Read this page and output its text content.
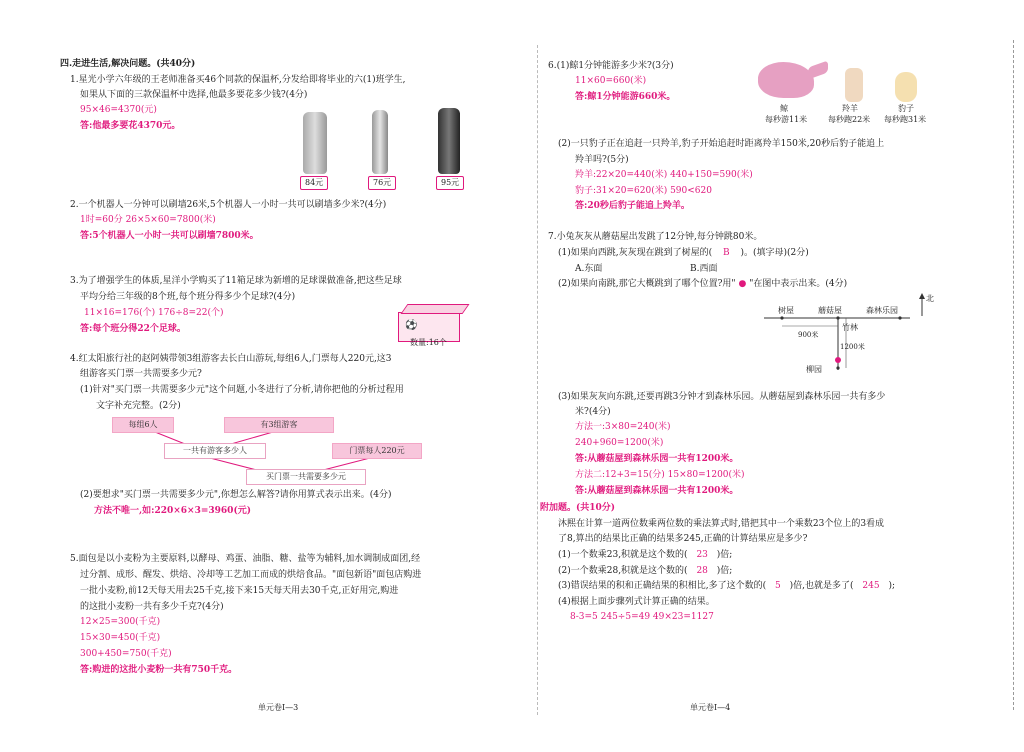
四.走进生活,解决问题。(共40分)
1.星光小学六年级的王老师准备买46个同款的保温杯,分发给即将毕业的六(1)班学生,
如果从下面的三款保温杯中选择,他最多要花多少钱?(4分)
95×46=4370(元)
答:他最多要花4370元。
84元	76元	95元
2.一个机器人一分钟可以刷墙26米,5个机器人一小时一共可以刷墙多少米?(4分)
1时=60分 26×5×60=7800(米)
答:5个机器人一小时一共可以刷墙7800米。
3.为了增强学生的体质,星洋小学购买了11箱足球为新增的足球课做准备,把这些足球
平均分给三年级的8个班,每个班分得多少个足球?(4分)
11×16=176(个) 176÷8=22(个)
答:每个班分得22个足球。	⚽
数量:16个
4.红太阳旅行社的赵阿姨带领3组游客去长白山游玩,每组6人,门票每人220元,这3
组游客买门票一共需要多少元?
(1)针对"买门票一共需要多少元"这个问题,小冬进行了分析,请你把他的分析过程用
文字补充完整。(2分)
每组6人	有3组游客
一共有游客多少人	门票每人220元
买门票一共需要多少元
(2)要想求"买门票一共需要多少元",你想怎么解答?请你用算式表示出来。(4分)
方法不唯一,如:220×6×3=3960(元)
5.面包是以小麦粉为主要原料,以酵母、鸡蛋、油脂、糖、盐等为辅料,加水调制成面团,经
过分割、成形、醒发、烘焙、冷却等工艺加工而成的烘焙食品。"面包新语"面包店购进
一批小麦粉,前12天每天用去25千克,接下来15天每天用去30千克,正好用完,购进
的这批小麦粉一共有多少千克?(4分)
12×25=300(千克)
15×30=450(千克)
300+450=750(千克)
答:购进的这批小麦粉一共有750千克。
单元卷Ⅰ—3
6.(1)鲸1分钟能游多少米?(3分)
11×60=660(米)
答:鲸1分钟能游660米。
鲸
每秒游11米
羚羊
每秒跑22米
豹子
每秒跑31米
(2)一只豹子正在追赶一只羚羊,豹子开始追赶时距离羚羊150米,20秒后豹子能追上
羚羊吗?(5分)
羚羊:22×20=440(米) 440+150=590(米)
豹子:31×20=620(米) 590<620
答:20秒后豹子能追上羚羊。
7.小兔灰灰从蘑菇屋出发跳了12分钟,每分钟跳80米。
(1)如果向西跳,灰灰现在跳到了树屋的( B )。(填字母)(2分)
A.东面	B.西面
(2)如果向南跳,那它大概跳到了哪个位置?用" ● "在图中表示出来。(4分)
北
树屋	蘑菇屋	森林乐园
竹林
900米
1200米
柳园
(3)如果灰灰向东跳,还要再跳3分钟才到森林乐园。从蘑菇屋到森林乐园一共有多少
米?(4分)
方法一:3×80=240(米)
240+960=1200(米)
答:从蘑菇屋到森林乐园一共有1200米。
方法二:12+3=15(分) 15×80=1200(米)
答:从蘑菇屋到森林乐园一共有1200米。
附加题。(共10分)
沐熙在计算一道两位数乘两位数的乘法算式时,错把其中一个乘数23个位上的3看成
了8,算出的结果比正确的结果多245,正确的计算结果应是多少?
(1)一个数乘23,积就是这个数的( 23 )倍;
(2)一个数乘28,积就是这个数的( 28 )倍;
(3)错误结果的积和正确结果的积相比,多了这个数的( 5 )倍,也就是多了( 245 );
(4)根据上面步骤列式计算正确的结果。
8-3=5 245÷5=49 49×23=1127
单元卷Ⅰ—4
